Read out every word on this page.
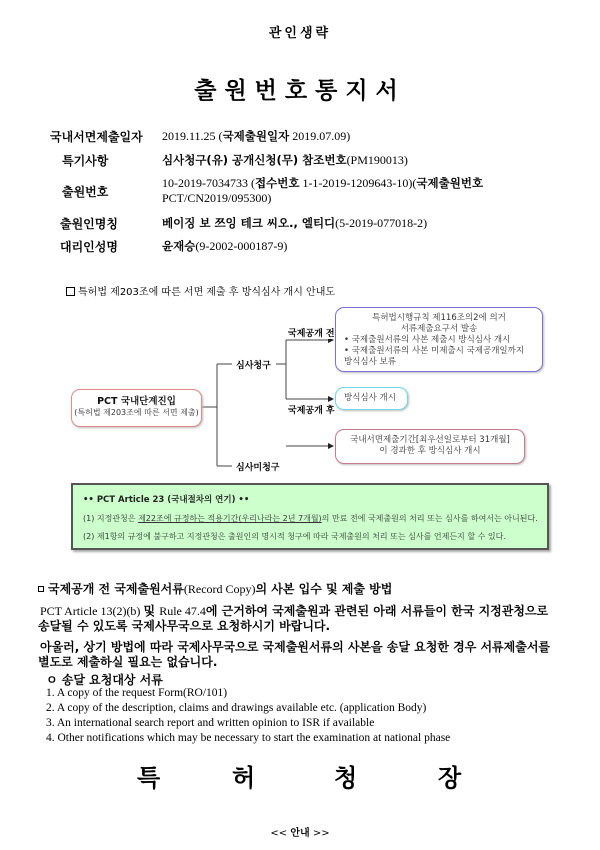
관인생략
출원번호통지서
국내서면제출일자 2019.11.25 (국제출원일자 2019.07.09)
특기사항	심사청구(유) 공개신청(무) 참조번호(PM190013)
출원번호
10-2019-7034733 (접수번호 1-1-2019-1209643-10)(국제출원번호
PCT/CN2019/095300)
출원인명칭	베이징 보 쯔잉 테크 씨오., 엘티디(5-2019-077018-2)
대리인성명	윤재승(9-2002-000187-9)
특허법 제203조에 따른 서면 제출 후 방식심사 개시 안내도
PCT 국내단계진입
(특허법 제203조에 따른 서면 제출)
심사청구
심사미청구
국제공개 전
국제공개 후
특허법시행규칙 제116조의2에 의거
서류제출요구서 발송
• 국제출원서류의 사본 제출시 방식심사 개시
• 국제출원서류의 사본 미제출시 국제공개일까지 방식심사 보류
방식심사 개시
국내서면제출기간[최우선일로부터 31개월]
이 경과한 후 방식심사 개시
•• PCT Article 23 (국내절차의 연기) ••
(1) 지정관청은 제22조에 규정하는 적용기간(우리나라는 2년 7개월)의 만료 전에 국제출원의 처리 또는 심사를 하여서는 아니된다.
(2) 제1항의 규정에 불구하고 지정관청은 출원인의 명시적 청구에 따라 국제출원의 처리 또는 심사를 언제든지 할 수 있다.
국제공개 전 국제출원서류(Record Copy)의 사본 입수 및 제출 방법
PCT Article 13(2)(b) 및 Rule 47.4에 근거하여 국제출원과 관련된 아래 서류들이 한국 지정관청으로
송달될 수 있도록 국제사무국으로 요청하시기 바랍니다.
아울러, 상기 방법에 따라 국제사무국으로 국제출원서류의 사본을 송달 요청한 경우 서류제출서를
별도로 제출하실 필요는 없습니다.
ㅇ 송달 요청대상 서류
1. A copy of the request Form(RO/101)
2. A copy of the description, claims and drawings available etc. (application Body)
3. An international search report and written opinion to ISR if available
4. Other notifications which may be necessary to start the examination at national phase
특	허	청	장
<< 안내 >>
